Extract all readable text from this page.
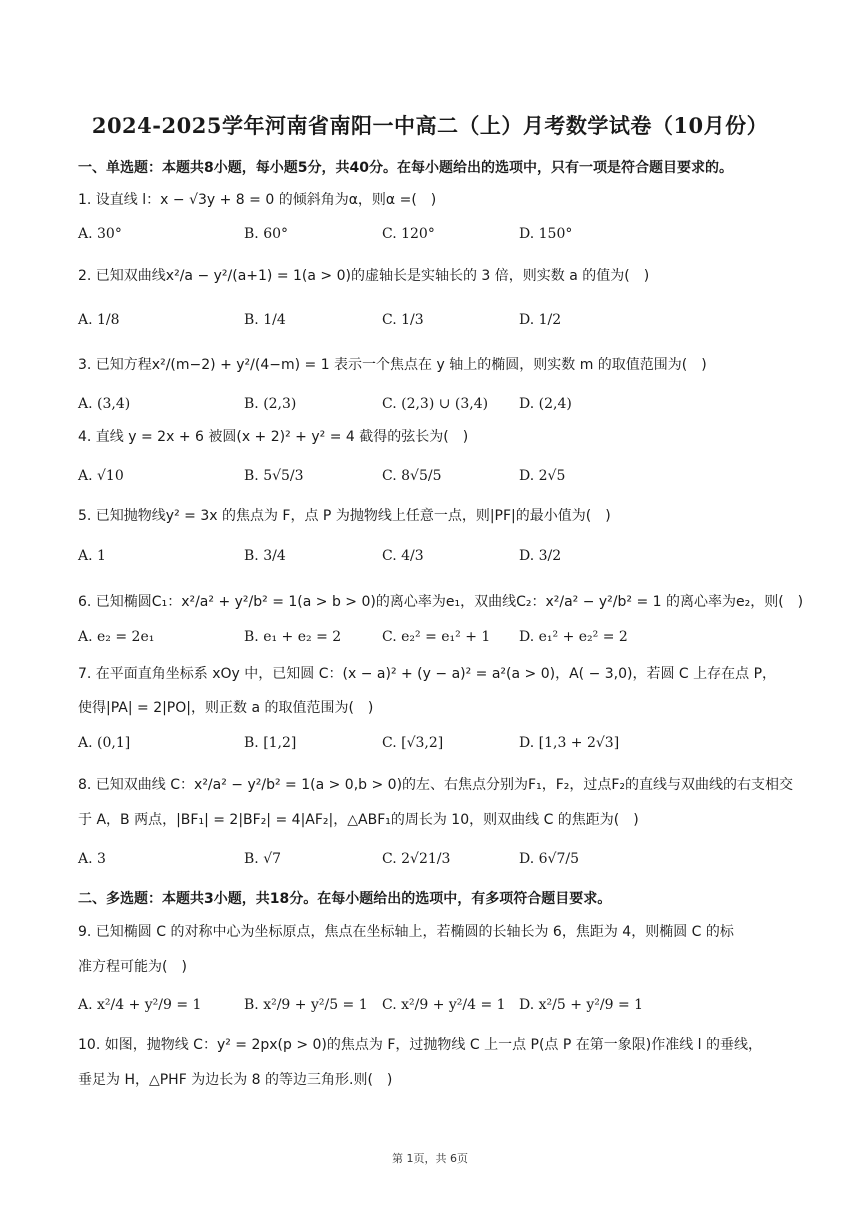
2024-2025学年河南省南阳一中高二（上）月考数学试卷（10月份）
一、单选题：本题共8小题，每小题5分，共40分。在每小题给出的选项中，只有一项是符合题目要求的。
1. 设直线 l：x − √3y + 8 = 0 的倾斜角为α，则α =(　)
A. 30°	B. 60°	C. 120°	D. 150°
2. 已知双曲线x²/a − y²/(a+1) = 1(a > 0)的虚轴长是实轴长的 3 倍，则实数 a 的值为(　)
A. 1/8	B. 1/4	C. 1/3	D. 1/2
3. 已知方程x²/(m−2) + y²/(4−m) = 1 表示一个焦点在 y 轴上的椭圆，则实数 m 的取值范围为(　)
A. (3,4)	B. (2,3)	C. (2,3) ∪ (3,4) D. (2,4)
4. 直线 y = 2x + 6 被圆(x + 2)² + y² = 4 截得的弦长为(　)
A. √10	B. 5√5/3	C. 8√5/5	D. 2√5
5. 已知抛物线y² = 3x 的焦点为 F，点 P 为抛物线上任意一点，则|PF|的最小值为(　)
A. 1	B. 3/4	C. 4/3	D. 3/2
6. 已知椭圆C₁：x²/a² + y²/b² = 1(a > b > 0)的离心率为e₁，双曲线C₂：x²/a² − y²/b² = 1 的离心率为e₂，则(　)
A. e₂ = 2e₁	B. e₁ + e₂ = 2	C. e₂² = e₁² + 1 D. e₁² + e₂² = 2
7. 在平面直角坐标系 xOy 中，已知圆 C：(x − a)² + (y − a)² = a²(a > 0)，A( − 3,0)，若圆 C 上存在点 P，
使得|PA| = 2|PO|，则正数 a 的取值范围为(　)
A. (0,1]	B. [1,2]	C. [√3,2]	D. [1,3 + 2√3]
8. 已知双曲线 C：x²/a² − y²/b² = 1(a > 0,b > 0)的左、右焦点分别为F₁，F₂，过点F₂的直线与双曲线的右支相交
于 A，B 两点，|BF₁| = 2|BF₂| = 4|AF₂|，△ABF₁的周长为 10，则双曲线 C 的焦距为(　)
A. 3	B. √7	C. 2√21/3	D. 6√7/5
二、多选题：本题共3小题，共18分。在每小题给出的选项中，有多项符合题目要求。
9. 已知椭圆 C 的对称中心为坐标原点，焦点在坐标轴上，若椭圆的长轴长为 6，焦距为 4，则椭圆 C 的标
准方程可能为(　)
A. x²/4 + y²/9 = 1	B. x²/9 + y²/5 = 1 C. x²/9 + y²/4 = 1 D. x²/5 + y²/9 = 1
10. 如图，抛物线 C：y² = 2px(p > 0)的焦点为 F，过抛物线 C 上一点 P(点 P 在第一象限)作准线 l 的垂线，
垂足为 H，△PHF 为边长为 8 的等边三角形.则(　)
第 1页，共 6页
